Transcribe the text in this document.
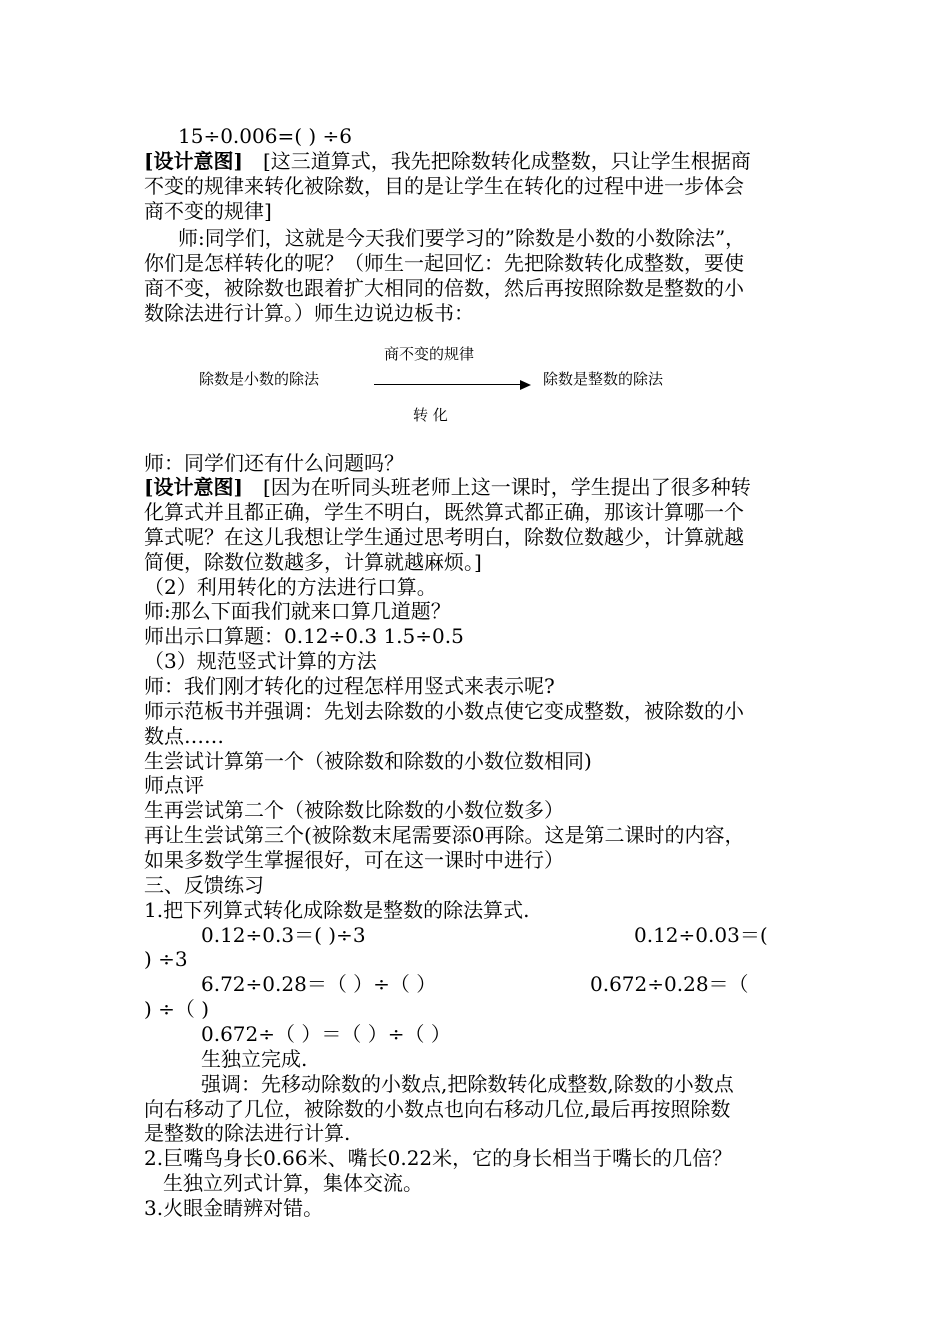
15÷0.006=( ) ÷6
[设计意图] [这三道算式，我先把除数转化成整数，只让学生根据商
不变的规律来转化被除数，目的是让学生在转化的过程中进一步体会
商不变的规律]
师:同学们，这就是今天我们要学习的”除数是小数的小数除法”，
你们是怎样转化的呢？（师生一起回忆：先把除数转化成整数，要使
商不变，被除数也跟着扩大相同的倍数，然后再按照除数是整数的小
数除法进行计算。）师生边说边板书：
商不变的规律
除数是小数的除法	除数是整数的除法
转 化
师：同学们还有什么问题吗？
[设计意图] [因为在听同头班老师上这一课时，学生提出了很多种转
化算式并且都正确，学生不明白，既然算式都正确，那该计算哪一个
算式呢？在这儿我想让学生通过思考明白，除数位数越少，计算就越
简便，除数位数越多，计算就越麻烦。]
（2）利用转化的方法进行口算。
师:那么下面我们就来口算几道题？
师出示口算题：0.12÷0.3 1.5÷0.5
（3）规范竖式计算的方法
师：我们刚才转化的过程怎样用竖式来表示呢?
师示范板书并强调：先划去除数的小数点使它变成整数，被除数的小
数点……
生尝试计算第一个（被除数和除数的小数位数相同)
师点评
生再尝试第二个（被除数比除数的小数位数多）
再让生尝试第三个(被除数末尾需要添0再除。这是第二课时的内容，
如果多数学生掌握很好，可在这一课时中进行）
三、反馈练习
1.把下列算式转化成除数是整数的除法算式.
0.12÷0.3＝( )÷3	0.12÷0.03＝(
) ÷3
6.72÷0.28＝（ ）÷（ ）	0.672÷0.28＝（
) ÷（ )
0.672÷（ ）＝（ ）÷（ ）
生独立完成.
强调：先移动除数的小数点,把除数转化成整数,除数的小数点
向右移动了几位，被除数的小数点也向右移动几位,最后再按照除数
是整数的除法进行计算.
2.巨嘴鸟身长0.66米、嘴长0.22米，它的身长相当于嘴长的几倍？
生独立列式计算，集体交流。
3.火眼金睛辨对错。
